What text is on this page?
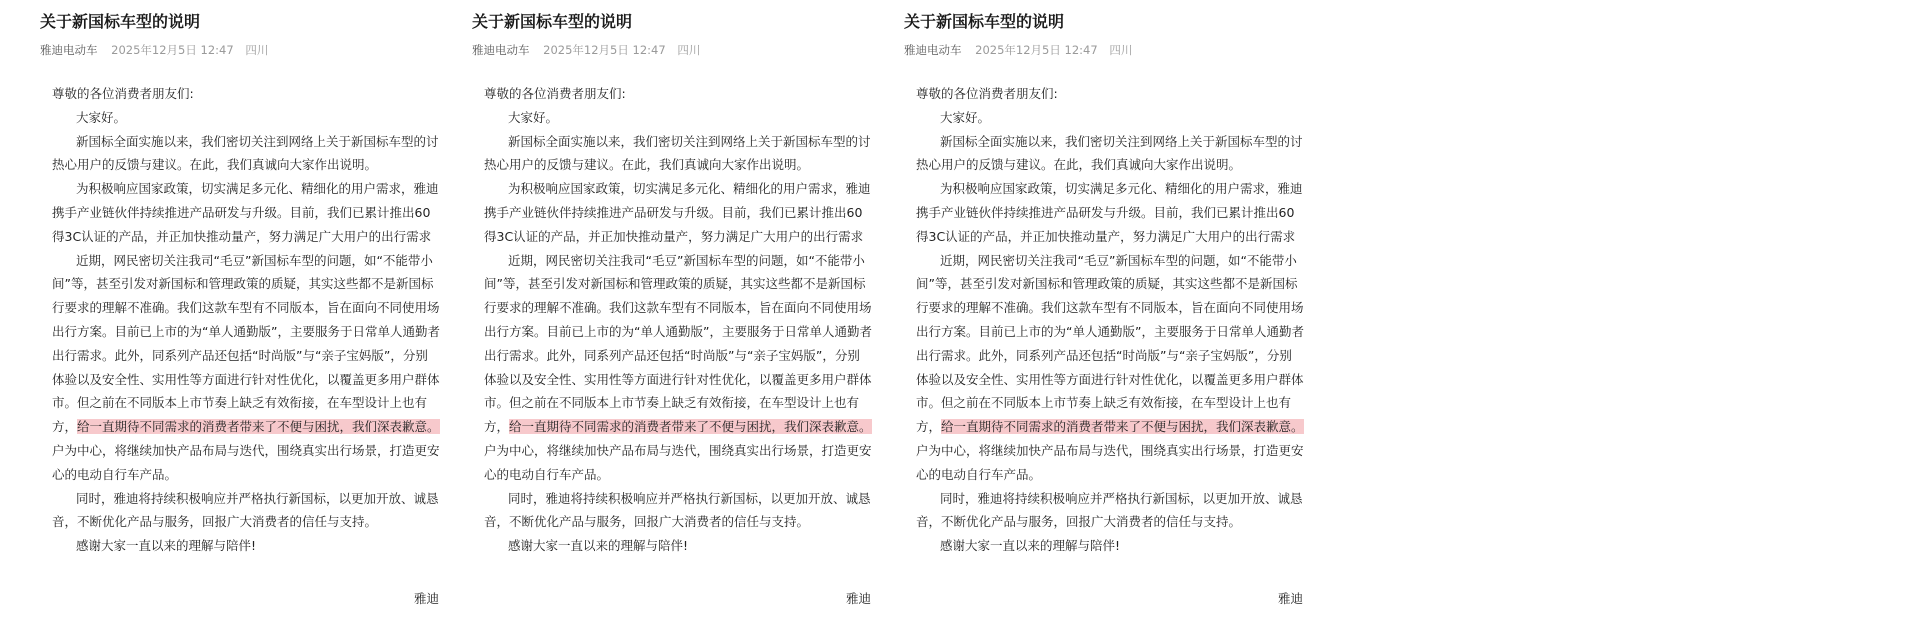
关于新国标车型的说明
雅迪电动车 2025年12月5日 12:47 四川
尊敬的各位消费者朋友们:
大家好。
新国标全面实施以来，我们密切关注到网络上关于新国标车型的讨
热心用户的反馈与建议。在此，我们真诚向大家作出说明。
为积极响应国家政策，切实满足多元化、精细化的用户需求，雅迪
携手产业链伙伴持续推进产品研发与升级。目前，我们已累计推出60
得3C认证的产品，并正加快推动量产，努力满足广大用户的出行需求
近期，网民密切关注我司“毛豆”新国标车型的问题，如“不能带小
间”等，甚至引发对新国标和管理政策的质疑，其实这些都不是新国标
行要求的理解不准确。我们这款车型有不同版本，旨在面向不同使用场
出行方案。目前已上市的为“单人通勤版”，主要服务于日常单人通勤者
出行需求。此外，同系列产品还包括“时尚版”与“亲子宝妈版”，分别
体验以及安全性、实用性等方面进行针对性优化，以覆盖更多用户群体
市。但之前在不同版本上市节奏上缺乏有效衔接，在车型设计上也有
方，给一直期待不同需求的消费者带来了不便与困扰，我们深表歉意。
户为中心，将继续加快产品布局与迭代，围绕真实出行场景，打造更安
心的电动自行车产品。
同时，雅迪将持续积极响应并严格执行新国标，以更加开放、诚恳
音，不断优化产品与服务，回报广大消费者的信任与支持。
感谢大家一直以来的理解与陪伴!
雅迪
关于新国标车型的说明
雅迪电动车 2025年12月5日 12:47 四川
尊敬的各位消费者朋友们:
大家好。
新国标全面实施以来，我们密切关注到网络上关于新国标车型的讨
热心用户的反馈与建议。在此，我们真诚向大家作出说明。
为积极响应国家政策，切实满足多元化、精细化的用户需求，雅迪
携手产业链伙伴持续推进产品研发与升级。目前，我们已累计推出60
得3C认证的产品，并正加快推动量产，努力满足广大用户的出行需求
近期，网民密切关注我司“毛豆”新国标车型的问题，如“不能带小
间”等，甚至引发对新国标和管理政策的质疑，其实这些都不是新国标
行要求的理解不准确。我们这款车型有不同版本，旨在面向不同使用场
出行方案。目前已上市的为“单人通勤版”，主要服务于日常单人通勤者
出行需求。此外，同系列产品还包括“时尚版”与“亲子宝妈版”，分别
体验以及安全性、实用性等方面进行针对性优化，以覆盖更多用户群体
市。但之前在不同版本上市节奏上缺乏有效衔接，在车型设计上也有
方，给一直期待不同需求的消费者带来了不便与困扰，我们深表歉意。
户为中心，将继续加快产品布局与迭代，围绕真实出行场景，打造更安
心的电动自行车产品。
同时，雅迪将持续积极响应并严格执行新国标，以更加开放、诚恳
音，不断优化产品与服务，回报广大消费者的信任与支持。
感谢大家一直以来的理解与陪伴!
雅迪
关于新国标车型的说明
雅迪电动车 2025年12月5日 12:47 四川
尊敬的各位消费者朋友们:
大家好。
新国标全面实施以来，我们密切关注到网络上关于新国标车型的讨
热心用户的反馈与建议。在此，我们真诚向大家作出说明。
为积极响应国家政策，切实满足多元化、精细化的用户需求，雅迪
携手产业链伙伴持续推进产品研发与升级。目前，我们已累计推出60
得3C认证的产品，并正加快推动量产，努力满足广大用户的出行需求
近期，网民密切关注我司“毛豆”新国标车型的问题，如“不能带小
间”等，甚至引发对新国标和管理政策的质疑，其实这些都不是新国标
行要求的理解不准确。我们这款车型有不同版本，旨在面向不同使用场
出行方案。目前已上市的为“单人通勤版”，主要服务于日常单人通勤者
出行需求。此外，同系列产品还包括“时尚版”与“亲子宝妈版”，分别
体验以及安全性、实用性等方面进行针对性优化，以覆盖更多用户群体
市。但之前在不同版本上市节奏上缺乏有效衔接，在车型设计上也有
方，给一直期待不同需求的消费者带来了不便与困扰，我们深表歉意。
户为中心，将继续加快产品布局与迭代，围绕真实出行场景，打造更安
心的电动自行车产品。
同时，雅迪将持续积极响应并严格执行新国标，以更加开放、诚恳
音，不断优化产品与服务，回报广大消费者的信任与支持。
感谢大家一直以来的理解与陪伴!
雅迪
